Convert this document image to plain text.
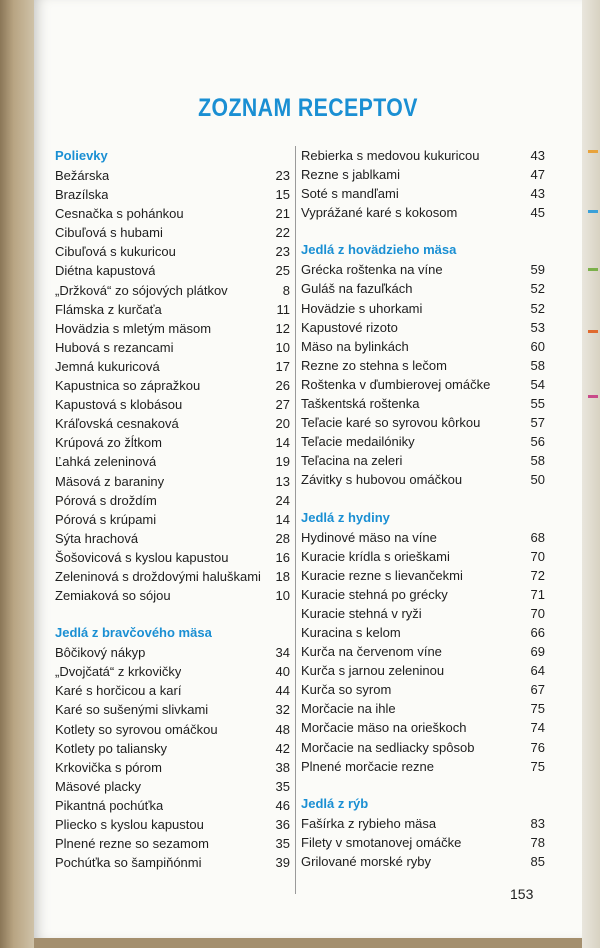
ZOZNAM RECEPTOV
Polievky
Bežárska	23
Brazílska	15
Cesnačka s pohánkou	21
Cibuľová s hubami	22
Cibuľová s kukuricou	23
Diétna kapustová	25
„Držková“ zo sójových plátkov	8
Flámska z kurčaťa	11
Hovädzia s mletým mäsom	12
Hubová s rezancami	10
Jemná kukuricová	17
Kapustnica so zápražkou	26
Kapustová s klobásou	27
Kráľovská cesnaková	20
Krúpová zo žĺtkom	14
Ľahká zeleninová	19
Mäsová z baraniny	13
Pórová s droždím	24
Pórová s krúpami	14
Sýta hrachová	28
Šošovicová s kyslou kapustou	16
Zeleninová s droždovými haluškami	18
Zemiaková so sójou	10
Jedlá z bravčového mäsa
Bôčikový nákyp	34
„Dvojčatá“ z krkovičky	40
Karé s horčicou a karí	44
Karé so sušenými slivkami	32
Kotlety so syrovou omáčkou	48
Kotlety po taliansky	42
Krkovička s pórom	38
Mäsové placky	35
Pikantná pochúťka	46
Pliecko s kyslou kapustou	36
Plnené rezne so sezamom	35
Pochúťka so šampiňónmi	39
Rebierka s medovou kukuricou	43
Rezne s jablkami	47
Soté s mandľami	43
Vyprážané karé s kokosom	45
Jedlá z hovädzieho mäsa
Grécka roštenka na víne	59
Guláš na fazuľkách	52
Hovädzie s uhorkami	52
Kapustové rizoto	53
Mäso na bylinkách	60
Rezne zo stehna s lečom	58
Roštenka v ďumbierovej omáčke	54
Taškentská roštenka	55
Teľacie karé so syrovou kôrkou	57
Teľacie medailóniky	56
Teľacina na zeleri	58
Závitky s hubovou omáčkou	50
Jedlá z hydiny
Hydinové mäso na víne	68
Kuracie krídla s orieškami	70
Kuracie rezne s lievančekmi	72
Kuracie stehná po grécky	71
Kuracie stehná v ryži	70
Kuracina s kelom	66
Kurča na červenom víne	69
Kurča s jarnou zeleninou	64
Kurča so syrom	67
Morčacie na ihle	75
Morčacie mäso na orieškoch	74
Morčacie na sedliacky spôsob	76
Plnené morčacie rezne	75
Jedlá z rýb
Fašírka z rybieho mäsa	83
Filety v smotanovej omáčke	78
Grilované morské ryby	85
153
